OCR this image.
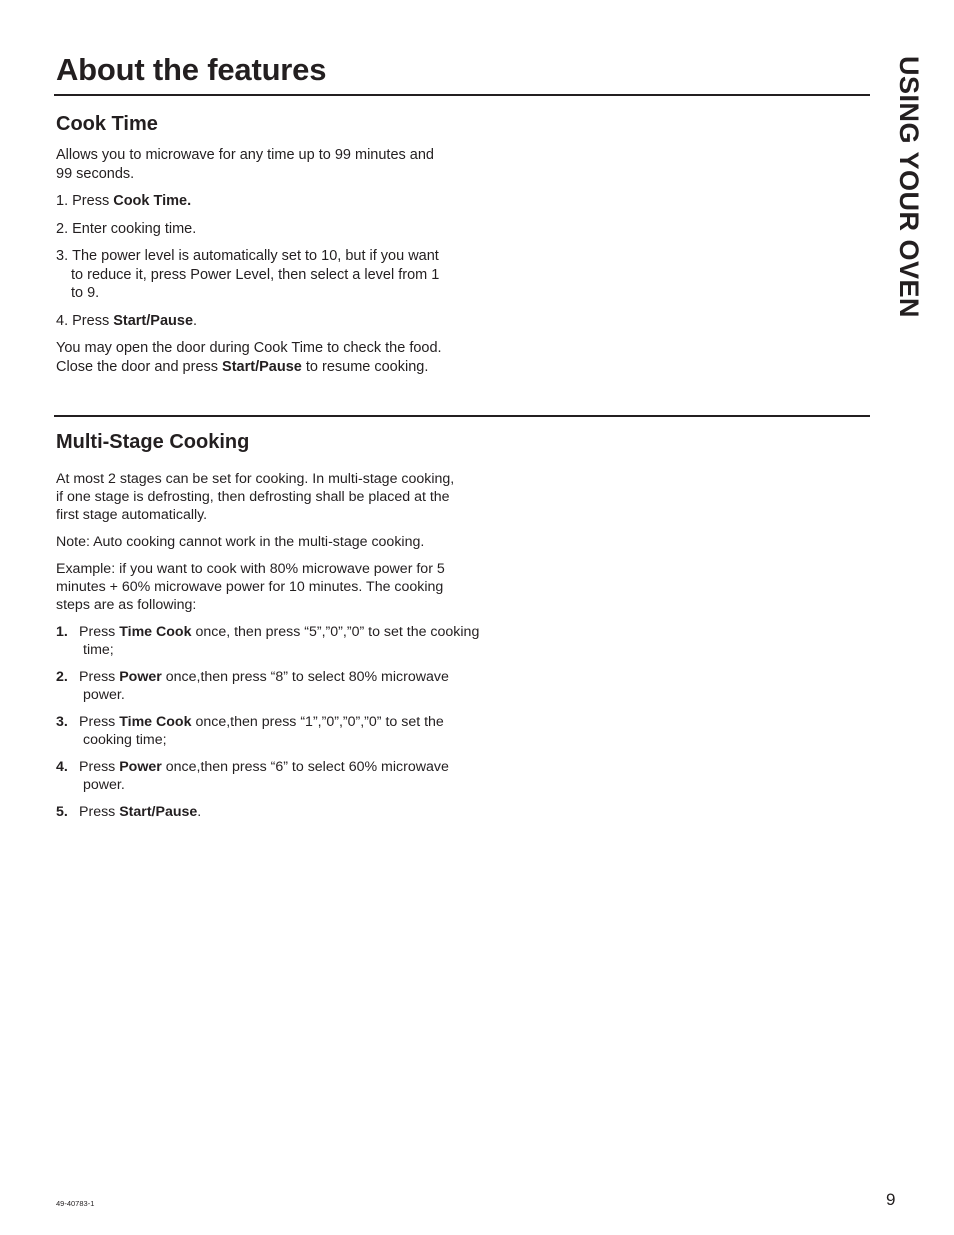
About the features	USING YOUR OVEN
Cook Time

Allows you to microwave for any time up to 99 minutes and 99 seconds.

1. Press Cook Time.
2. Enter cooking time.
3. The power level is automatically set to 10, but if you want to reduce it, press Power Level, then select a level from 1 to 9.
4. Press Start/Pause.

You may open the door during Cook Time to check the food. Close the door and press Start/Pause to resume cooking.

Multi-Stage Cooking

At most 2 stages can be set for cooking. In multi-stage cooking, if one stage is defrosting, then defrosting shall be placed at the first stage automatically.

Note: Auto cooking cannot work in the multi-stage cooking.

Example: if you want to cook with 80% microwave power for 5 minutes + 60% microwave power for 10 minutes. The cooking steps are as following:

1. Press Time Cook once, then press “5”,”0”,”0” to set the cooking time;
2. Press Power once,then press “8” to select 80% microwave power.
3. Press Time Cook once,then press “1”,”0”,”0”,”0” to set the cooking time;
4. Press Power once,then press “6” to select 60% microwave power.
5. Press Start/Pause.
49-40783-1	9
